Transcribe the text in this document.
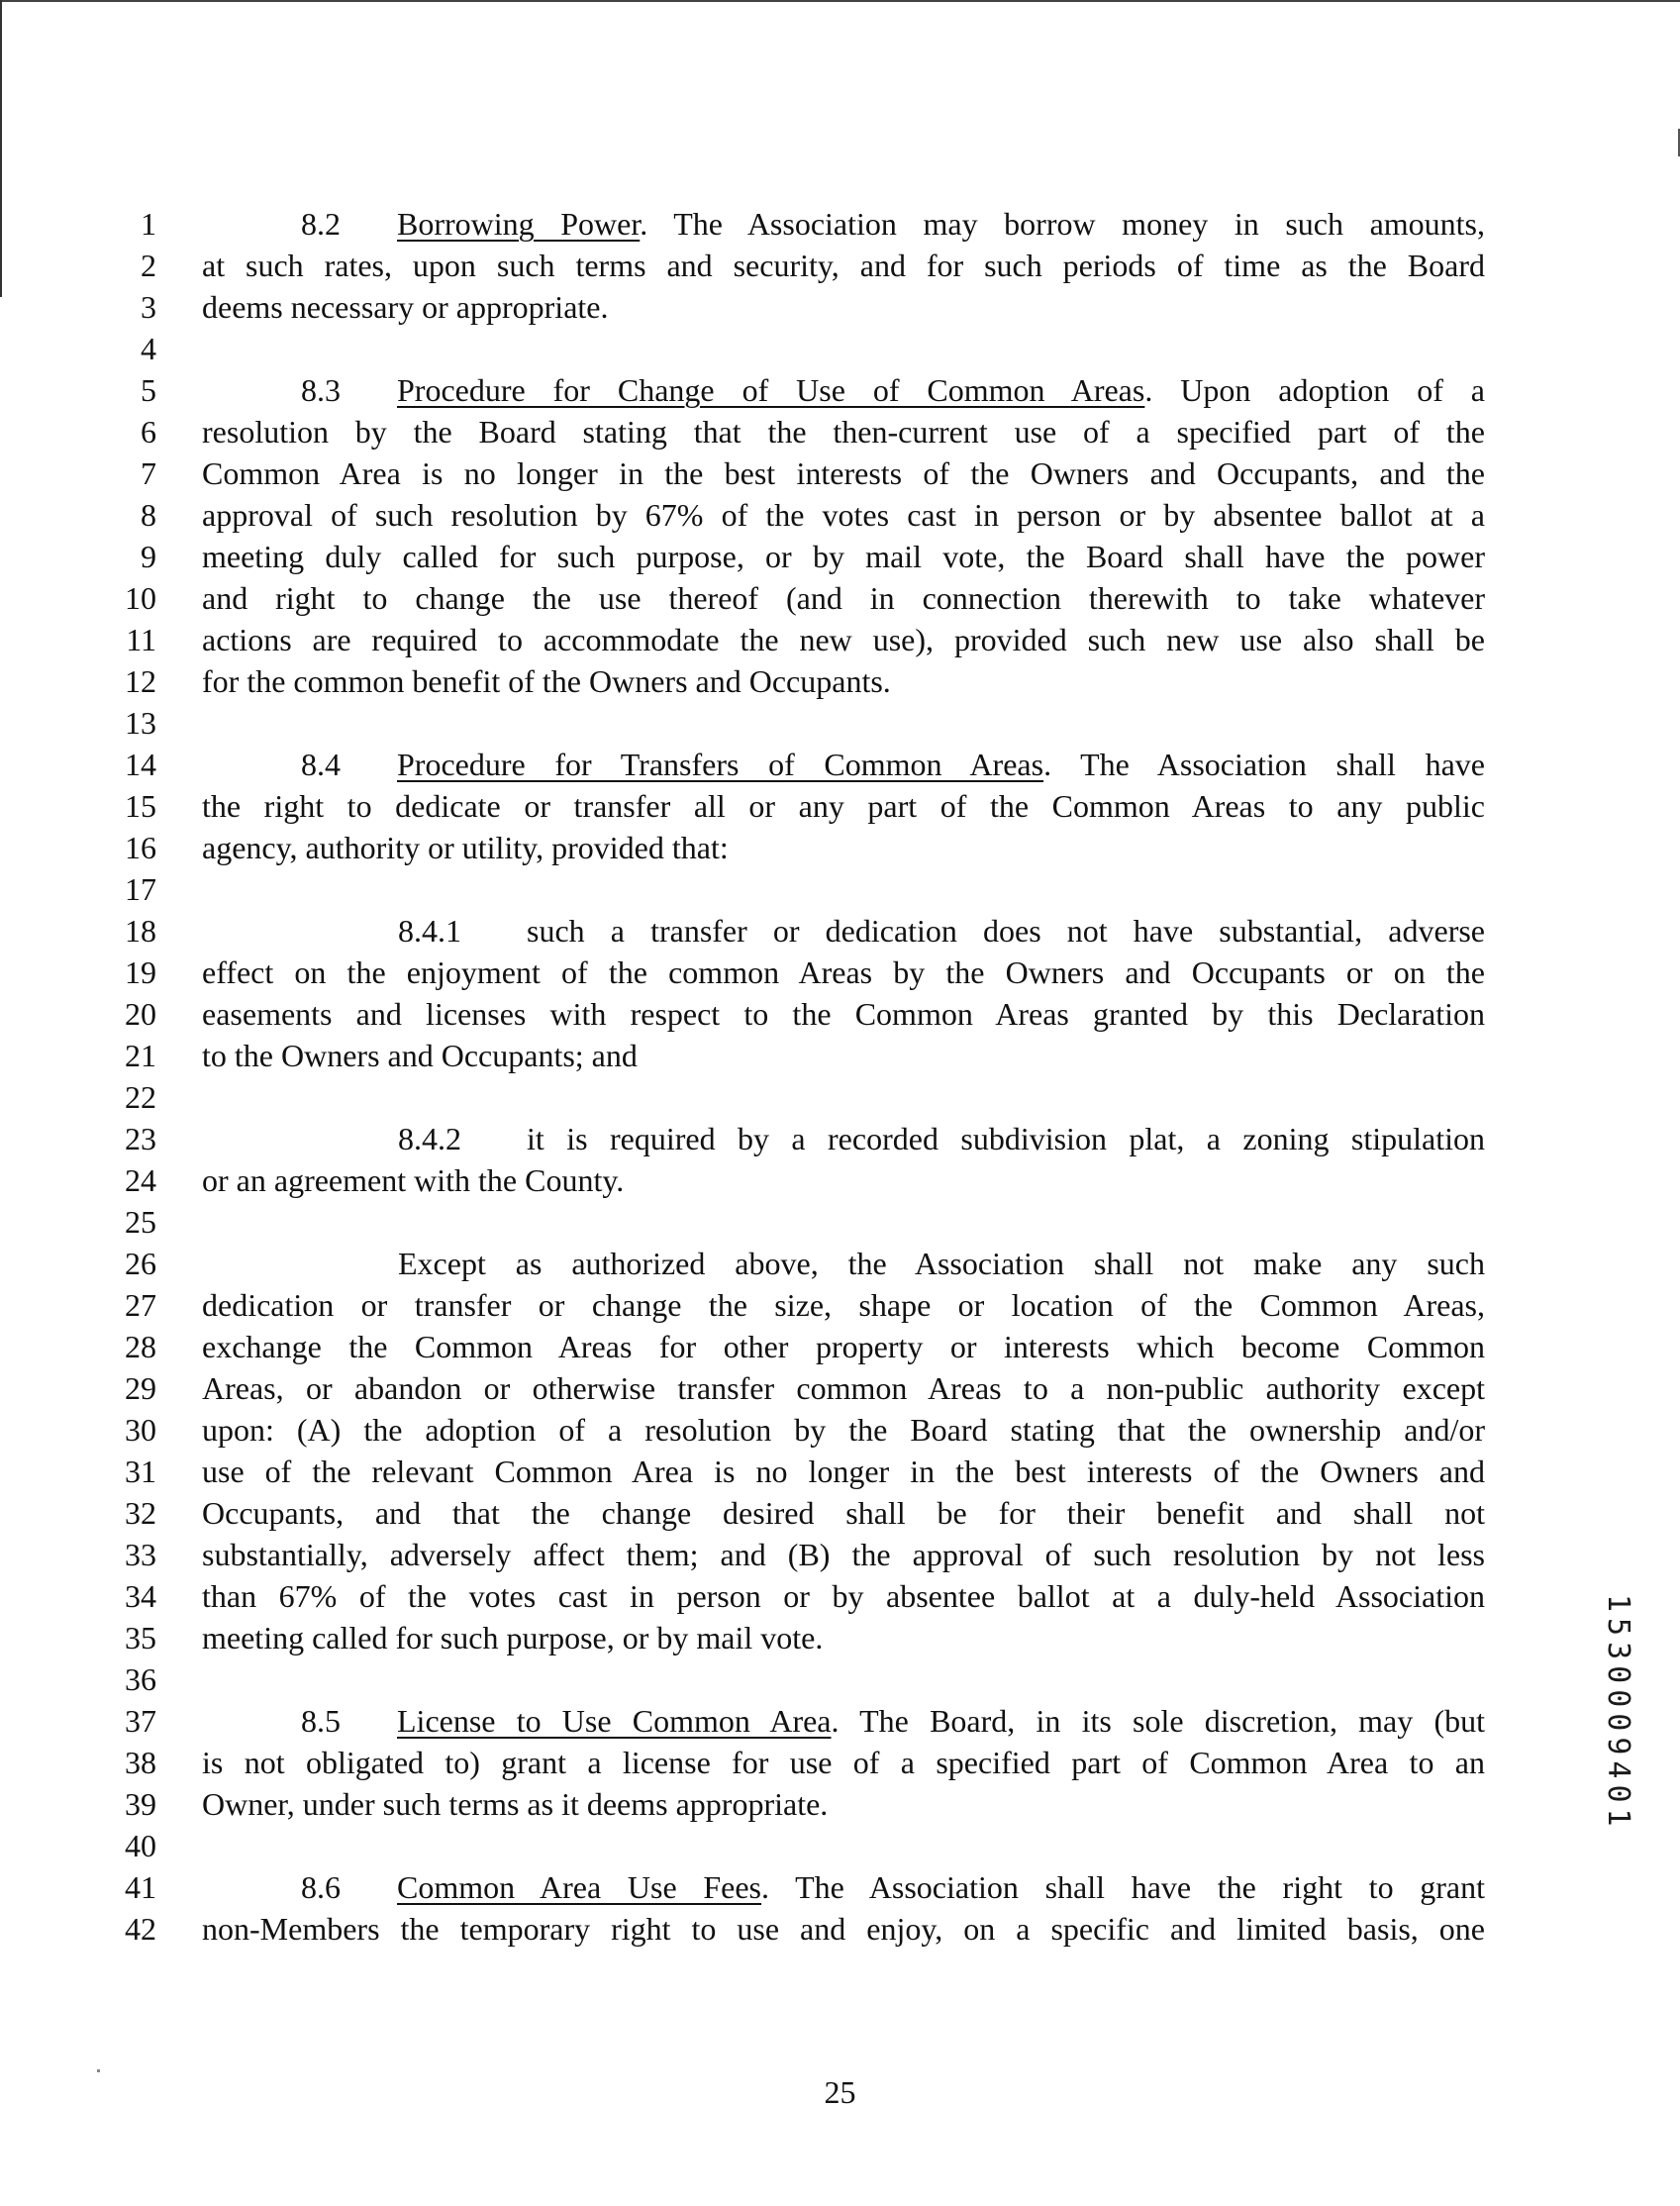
1
2
3
4
5
6
7
8
9
10
11
12
13
14
15
16
17
18
19
20
21
22
23
24
25
26
27
28
29
30
31
32
33
34
35
36
37
38
39
40
41
42
8.2 Borrowing Power. The Association may borrow money in such amounts,
at such rates, upon such terms and security, and for such periods of time as the Board
deems necessary or appropriate.
8.3 Procedure for Change of Use of Common Areas. Upon adoption of a
resolution by the Board stating that the then-current use of a specified part of the
Common Area is no longer in the best interests of the Owners and Occupants, and the
approval of such resolution by 67% of the votes cast in person or by absentee ballot at a
meeting duly called for such purpose, or by mail vote, the Board shall have the power
and right to change the use thereof (and in connection therewith to take whatever
actions are required to accommodate the new use), provided such new use also shall be
for the common benefit of the Owners and Occupants.
8.4 Procedure for Transfers of Common Areas. The Association shall have
the right to dedicate or transfer all or any part of the Common Areas to any public
agency, authority or utility, provided that:
8.4.1 such a transfer or dedication does not have substantial, adverse
effect on the enjoyment of the common Areas by the Owners and Occupants or on the
easements and licenses with respect to the Common Areas granted by this Declaration
to the Owners and Occupants; and
8.4.2 it is required by a recorded subdivision plat, a zoning stipulation
or an agreement with the County.
Except as authorized above, the Association shall not make any such
dedication or transfer or change the size, shape or location of the Common Areas,
exchange the Common Areas for other property or interests which become Common
Areas, or abandon or otherwise transfer common Areas to a non-public authority except
upon: (A) the adoption of a resolution by the Board stating that the ownership and/or
use of the relevant Common Area is no longer in the best interests of the Owners and
Occupants, and that the change desired shall be for their benefit and shall not
substantially, adversely affect them; and (B) the approval of such resolution by not less
than 67% of the votes cast in person or by absentee ballot at a duly-held Association
meeting called for such purpose, or by mail vote.
8.5 License to Use Common Area. The Board, in its sole discretion, may (but
is not obligated to) grant a license for use of a specified part of Common Area to an
Owner, under such terms as it deems appropriate.
8.6 Common Area Use Fees. The Association shall have the right to grant
non-Members the temporary right to use and enjoy, on a specific and limited basis, one
25
1530009401
